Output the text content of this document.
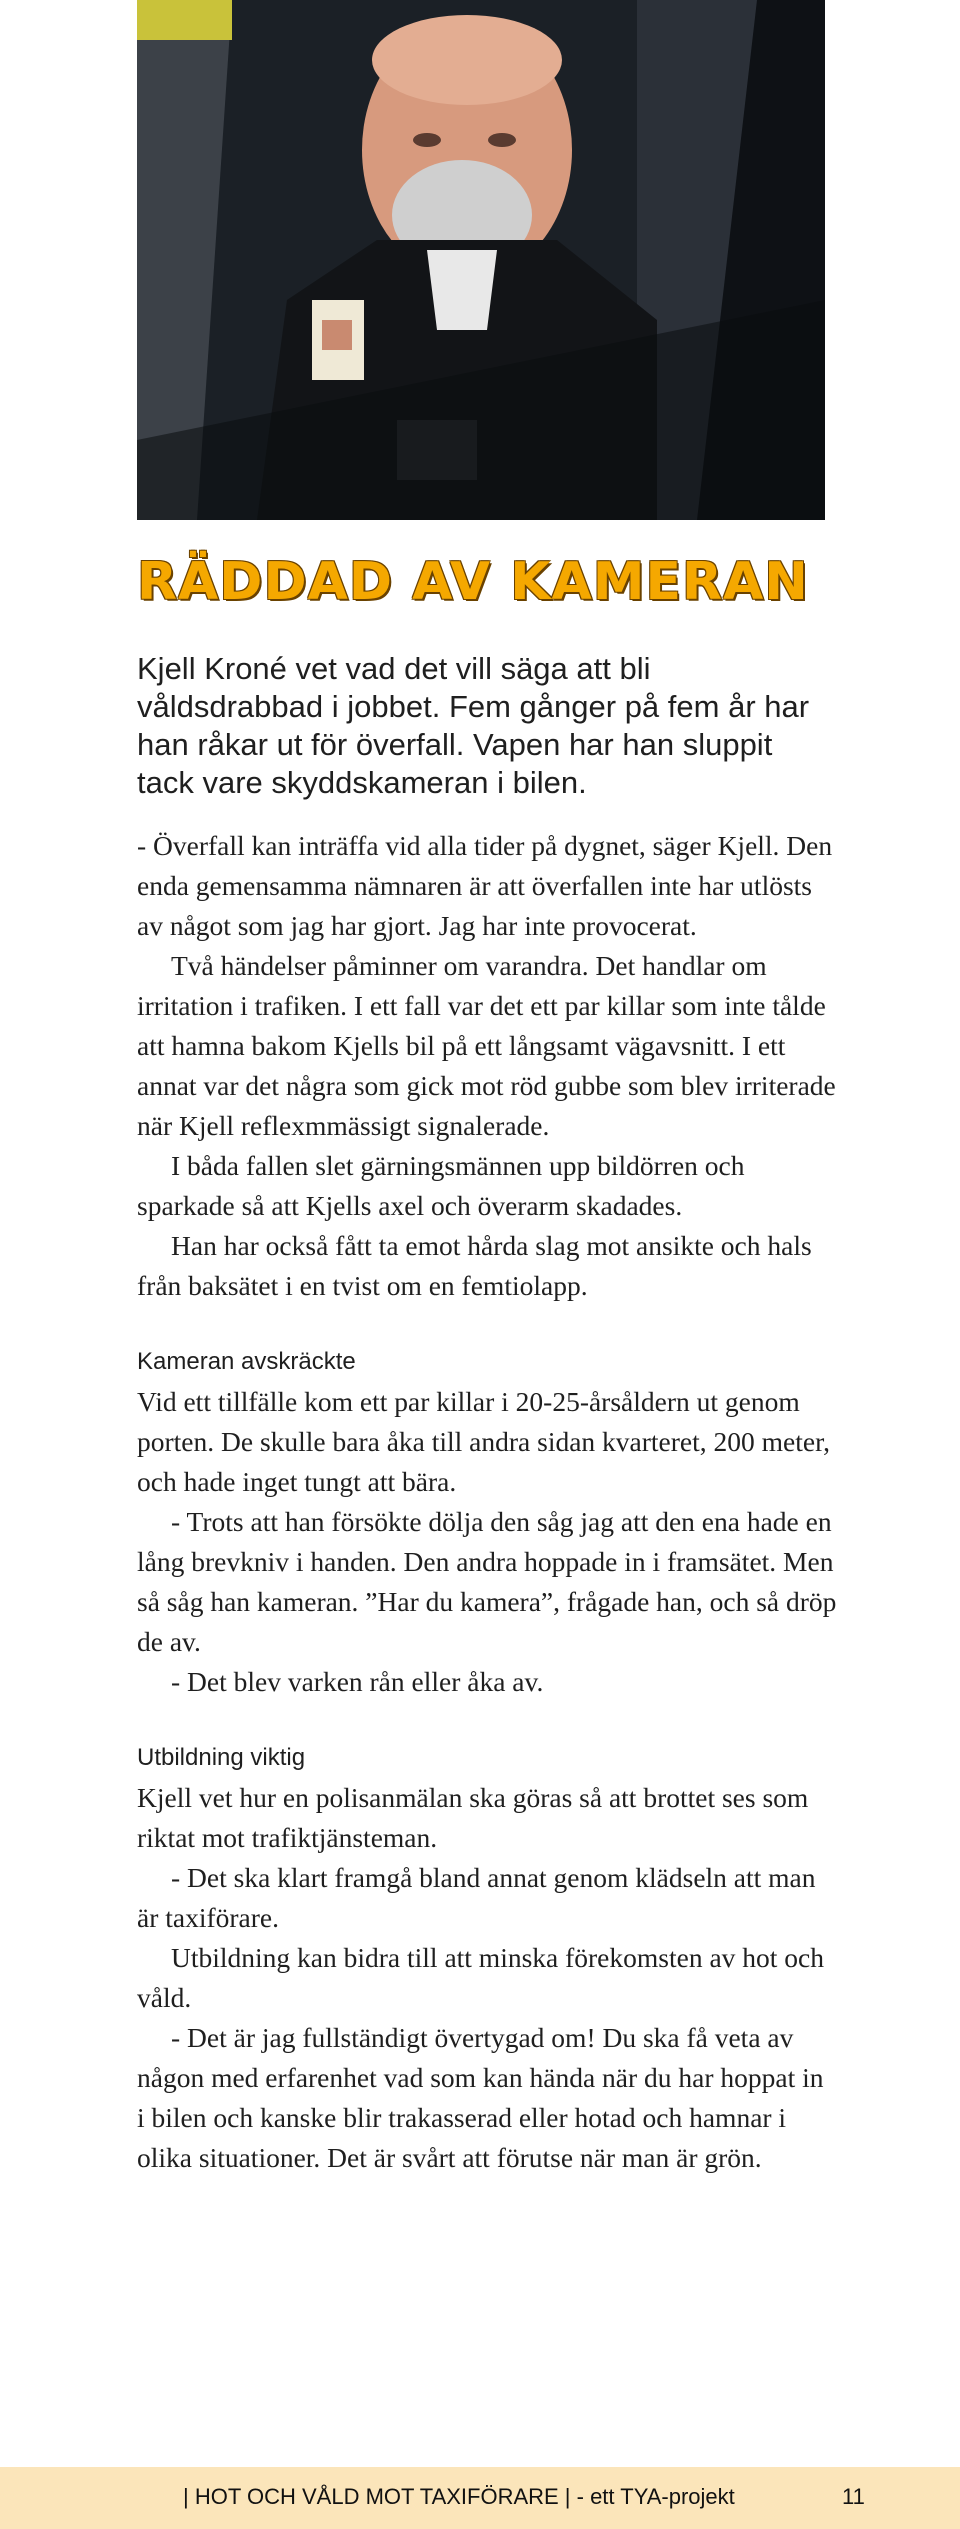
RÄDDAD AV KAMERAN

Kjell Kroné vet vad det vill säga att bli våldsdrabbad i jobbet. Fem gånger på fem år har han råkar ut för överfall. Vapen har han sluppit tack vare skyddskameran i bilen.

- Överfall kan inträffa vid alla tider på dygnet, säger Kjell. Den enda gemensamma nämnaren är att överfallen inte har utlösts av något som jag har gjort. Jag har inte provocerat.

Två händelser påminner om varandra. Det handlar om irritation i trafiken. I ett fall var det ett par killar som inte tålde att hamna bakom Kjells bil på ett långsamt vägavsnitt. I ett annat var det några som gick mot röd gubbe som blev irriterade när Kjell reflexmmässigt signalerade.

I båda fallen slet gärningsmännen upp bildörren och sparkade så att Kjells axel och överarm skadades.

Han har också fått ta emot hårda slag mot ansikte och hals från baksätet i en tvist om en femtiolapp.

Kameran avskräckte

Vid ett tillfälle kom ett par killar i 20-25-årsåldern ut genom porten. De skulle bara åka till andra sidan kvarteret, 200 meter, och hade inget tungt att bära.

- Trots att han försökte dölja den såg jag att den ena hade en lång brevkniv i handen. Den andra hoppade in i framsätet. Men så såg han kameran. ”Har du kamera”, frågade han, och så dröp de av.

- Det blev varken rån eller åka av.

Utbildning viktig

Kjell vet hur en polisanmälan ska göras så att brottet ses som riktat mot trafiktjänsteman.

- Det ska klart framgå bland annat genom klädseln att man är taxiförare.

Utbildning kan bidra till att minska förekomsten av hot och våld.

- Det är jag fullständigt övertygad om! Du ska få veta av någon med erfarenhet vad som kan hända när du har hoppat in i bilen och kanske blir trakasserad eller hotad och hamnar i olika situationer. Det är svårt att förutse när man är grön.

| HOT OCH VÅLD MOT TAXIFÖRARE | - ett TYA-projekt	11
